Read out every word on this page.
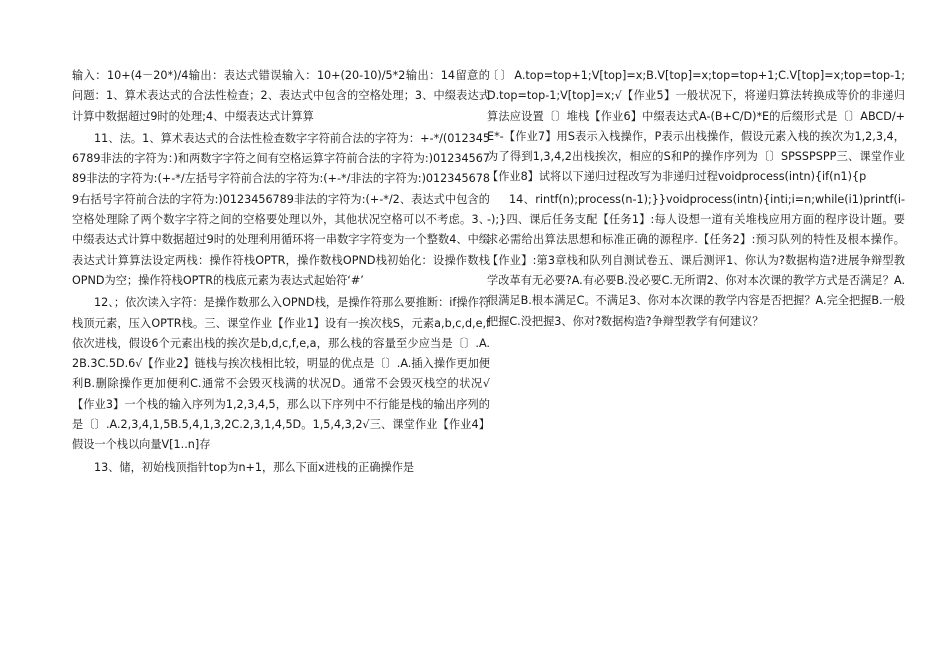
输入：10+(4－20*)/4输出：表达式错误输入：10+(20-10)/5*2输出：14留意的问题：1、算术表达式的合法性检查；2、表达式中包含的空格处理；3、中缀表达式计算中数据超过9时的处理;4、中缀表达式计算算

11、法。1、算术表达式的合法性检查数字字符前合法的字符为：+-*/(0123456789非法的字符为：)和两数字字符之间有空格运算字符前合法的字符为:)0123456789非法的字符为:(+-*/左括号字符前合法的字符为:(+-*/非法的字符为:)0123456789右括号字符前合法的字符为:)0123456789非法的字符为:(+-*/2、表达式中包含的空格处理除了两个数字字符之间的空格要处理以外，其他状况空格可以不考虑。3、中缀表达式计算中数据超过9时的处理利用循环将一串数字字符变为一个整数4、中缀表达式计算算法设定两栈：操作符栈OPTR，操作数栈OPND栈初始化：设操作数栈OPND为空；操作符栈OPTR的栈底元素为表达式起始符‘#’

12、；依次读入字符：是操作数那么入OPND栈，是操作符那么要推断：if操作符栈顶元素，压入OPTR栈。三、课堂作业【作业1】设有一挨次栈S，元素a,b,c,d,e,f依次进栈，假设6个元素出栈的挨次是b,d,c,f,e,a，那么栈的容量至少应当是〔〕.A.2B.3C.5D.6√【作业2】链栈与挨次栈相比较，明显的优点是〔〕.A.插入操作更加便利B.删除操作更加便利C.通常不会毁灭栈满的状况D。通常不会毁灭栈空的状况√【作业3】一个栈的输入序列为1,2,3,4,5，那么以下序列中不行能是栈的输出序列的是〔〕.A.2,3,4,1,5B.5,4,1,3,2C.2,3,1,4,5D。1,5,4,3,2√三、课堂作业【作业4】假设一个栈以向量V[1..n]存

13、储，初始栈顶指针top为n+1，那么下面x进栈的正确操作是

〔〕A.top=top+1;V[top]=x;B.V[top]=x;top=top+1;C.V[top]=x;top=top-1;D.top=top-1;V[top]=x;√【作业5】一般状况下，将递归算法转换成等价的非递归算法应设置〔〕堆栈【作业6】中缀表达式A-(B+C/D)*E的后缀形式是〔〕ABCD/+E*-【作业7】用S表示入栈操作，P表示出栈操作，假设元素入栈的挨次为1,2,3,4，为了得到1,3,4,2出栈挨次，相应的S和P的操作序列为〔〕SPSSPSPP三、课堂作业【作业8】试将以下递归过程改写为非递归过程voidprocess(intn){if(n1){p

14、rintf(n);process(n-1);}}voidprocess(intn){inti;i=n;while(i1)printf(i--);}四、课后任务支配【任务1】:每人设想一道有关堆栈应用方面的程序设计题。要求必需给出算法思想和标准正确的源程序.【任务2】:预习队列的特性及根本操作。【作业】:第3章栈和队列自测试卷五、课后测评1、你认为?数据构造?进展争辩型教学改革有无必要?A.有必要B.没必要C.无所谓2、你对本次课的教学方式是否满足？A.很满足B.根本满足C。不满足3、你对本次课的教学内容是否把握？A.完全把握B.一般把握C.没把握3、你对?数据构造?争辩型教学有何建议？
